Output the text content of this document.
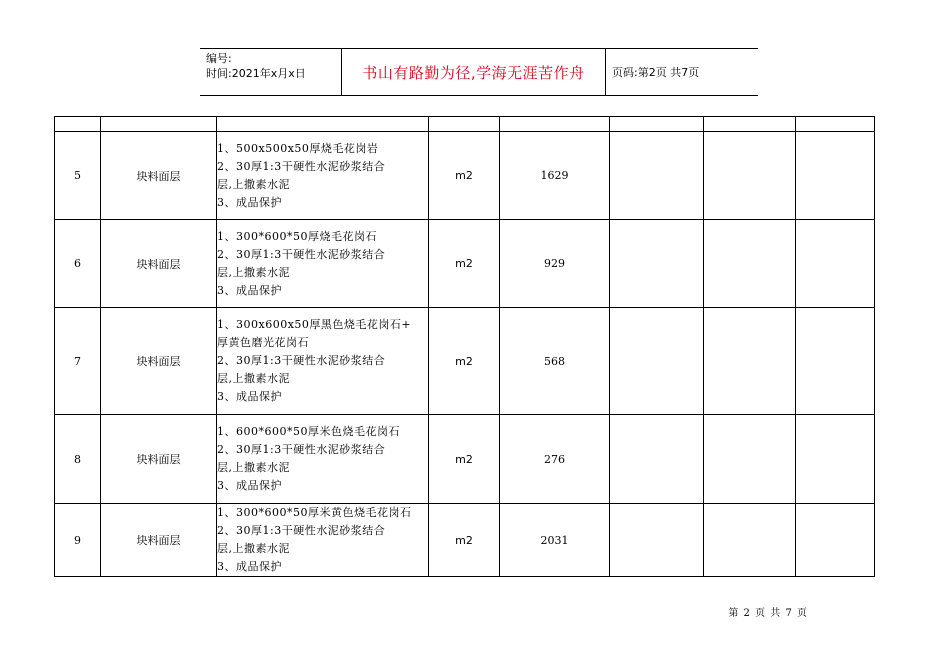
编号:
时间:2021年x月x日	书山有路勤为径,学海无涯苦作舟	页码:第2页 共7页

5	块料面层	1、500x500x50厚烧毛花岗岩
2、30厚1:3干硬性水泥砂浆结合
层,上撒素水泥
3、成品保护	m2	1629			
6	块料面层	1、300*600*50厚烧毛花岗石
2、30厚1:3干硬性水泥砂浆结合
层,上撒素水泥
3、成品保护	m2	929			
7	块料面层	1、300x600x50厚黑色烧毛花岗石+
厚黄色磨光花岗石
2、30厚1:3干硬性水泥砂浆结合
层,上撒素水泥
3、成品保护	m2	568			
8	块料面层	1、600*600*50厚米色烧毛花岗石
2、30厚1:3干硬性水泥砂浆结合
层,上撒素水泥
3、成品保护	m2	276			
9	块料面层	1、300*600*50厚米黄色烧毛花岗石
2、30厚1:3干硬性水泥砂浆结合
层,上撒素水泥
3、成品保护	m2	2031			
第 2 页 共 7 页
